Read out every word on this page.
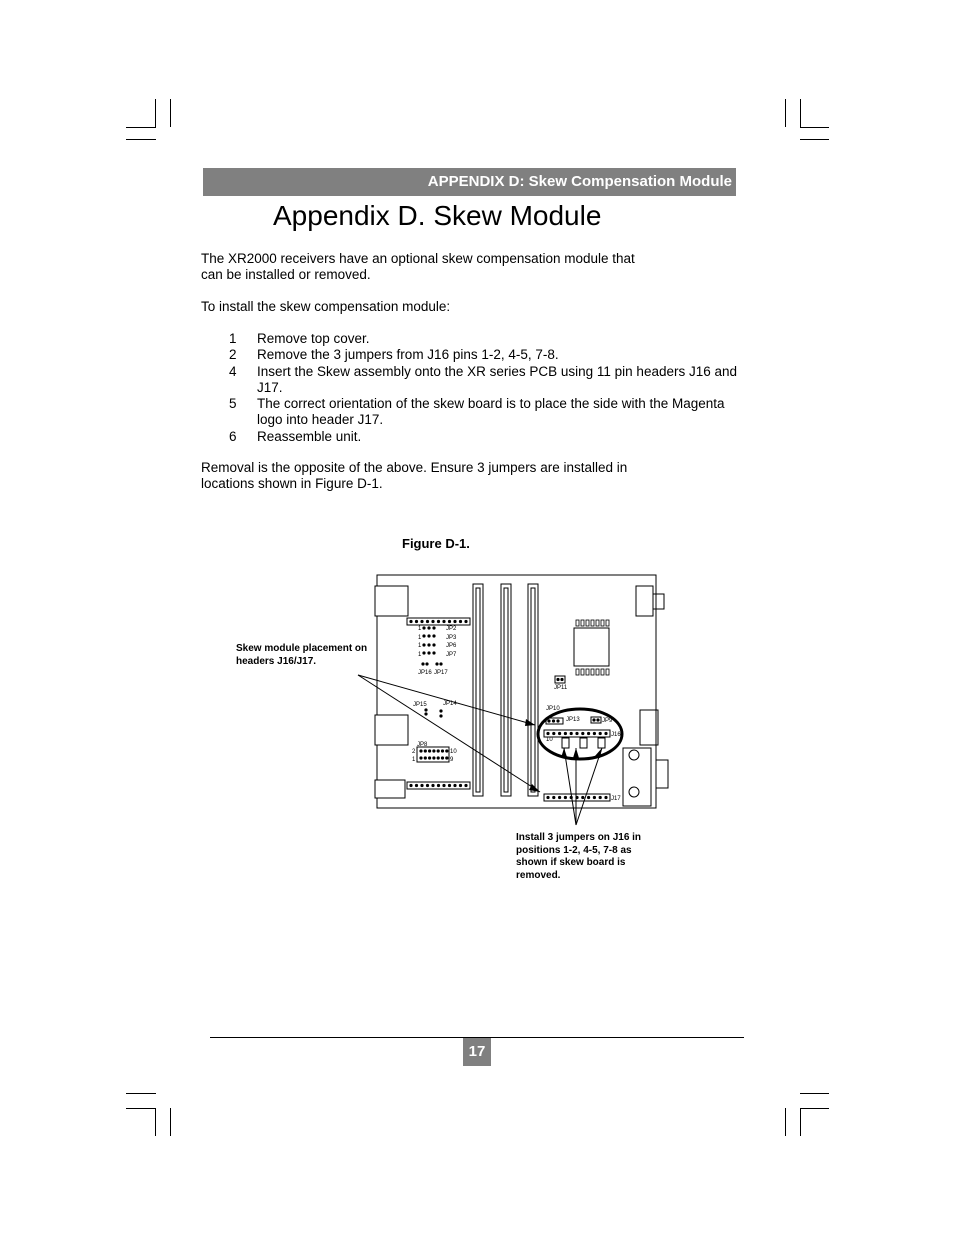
APPENDIX D: Skew Compensation Module
Appendix D. Skew Module
The XR2000 receivers have an optional skew compensation module that
can be installed or removed.
To install the skew compensation module:
1	Remove top cover.
2	Remove the 3 jumpers from J16 pins 1-2, 4-5, 7-8.
4	Insert the Skew assembly onto the XR series PCB using 11 pin headers J16 and J17.
5	The correct orientation of the skew board is to place the side with the Magenta logo into header J17.
6	Reassemble unit.
Removal is the opposite of the above. Ensure 3 jumpers are installed in
locations shown in Figure D-1.
Figure D-1.
Skew module placement on
headers J16/J17.
Install 3 jumpers on J16 in
positions 1-2, 4-5, 7-8 as
shown if skew board is
removed.
JP2
JP3
JP6
JP7
1
1
1
1
JP16 JP17
JP15	JP14
JP8
2
1
10
9
JP11
JP10
JP13	JP9
J16
10
J17
17
